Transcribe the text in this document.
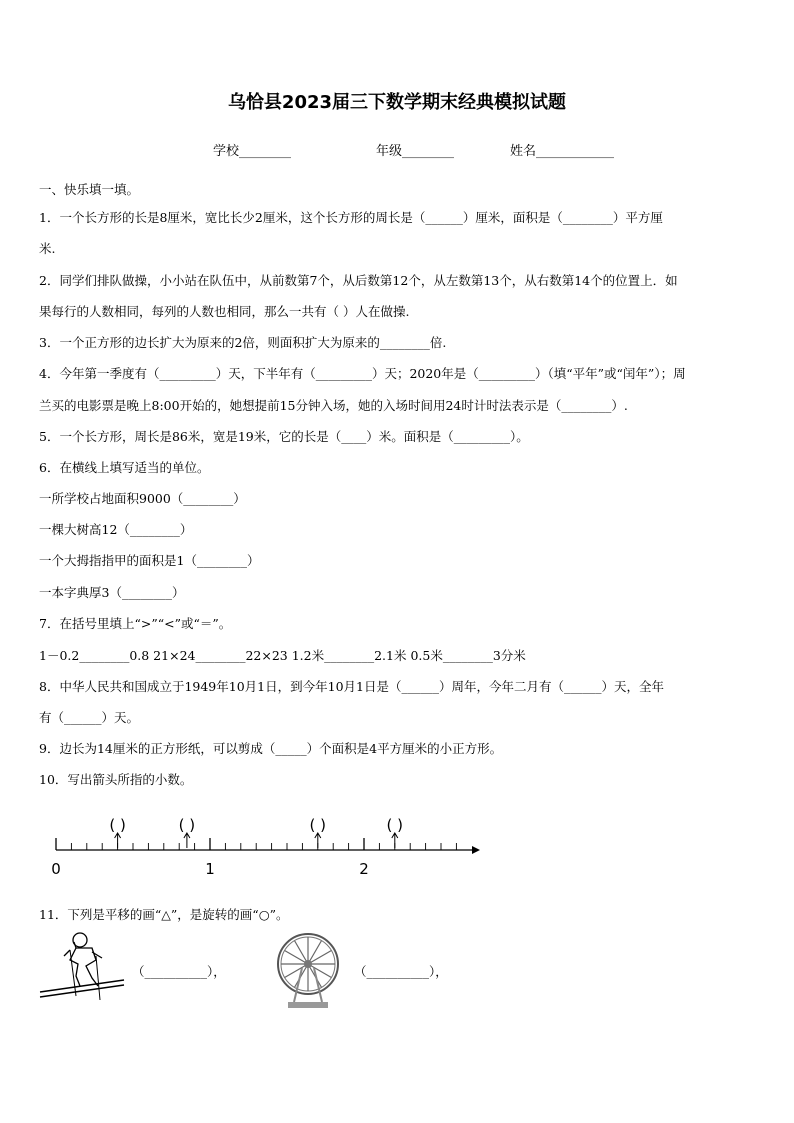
乌恰县2023届三下数学期末经典模拟试题
学校________	年级________	姓名____________
一、快乐填一填。
1．一个长方形的长是8厘米，宽比长少2厘米，这个长方形的周长是（______）厘米，面积是（________）平方厘
米.
2．同学们排队做操，小小站在队伍中，从前数第7个，从后数第12个，从左数第13个，从右数第14个的位置上．如
果每行的人数相同，每列的人数也相同，那么一共有（ ）人在做操.
3．一个正方形的边长扩大为原来的2倍，则面积扩大为原来的________倍.
4．今年第一季度有（_________）天，下半年有（_________）天；2020年是（_________）（填“平年”或“闰年”）；周
兰买的电影票是晚上8:00开始的，她想提前15分钟入场，她的入场时间用24时计时法表示是（________）.
5．一个长方形，周长是86米，宽是19米，它的长是（____）米。面积是（_________）。
6．在横线上填写适当的单位。
一所学校占地面积9000（________）
一棵大树高12（________）
一个大拇指指甲的面积是1（________）
一本字典厚3（________）
7．在括号里填上“>”“<”或“＝”。
1－0.2________0.8 21×24________22×23 1.2米________2.1米 0.5米________3分米
8．中华人民共和国成立于1949年10月1日，到今年10月1日是（______）周年，今年二月有（______）天，全年
有（______）天。
9．边长为14厘米的正方形纸，可以剪成（_____）个面积是4平方厘米的小正方形。
10．写出箭头所指的小数。
0	1	2
( )	( )	( )	( )
11．下列是平移的画“△”，是旋转的画“○”。
（__________），	（__________），
